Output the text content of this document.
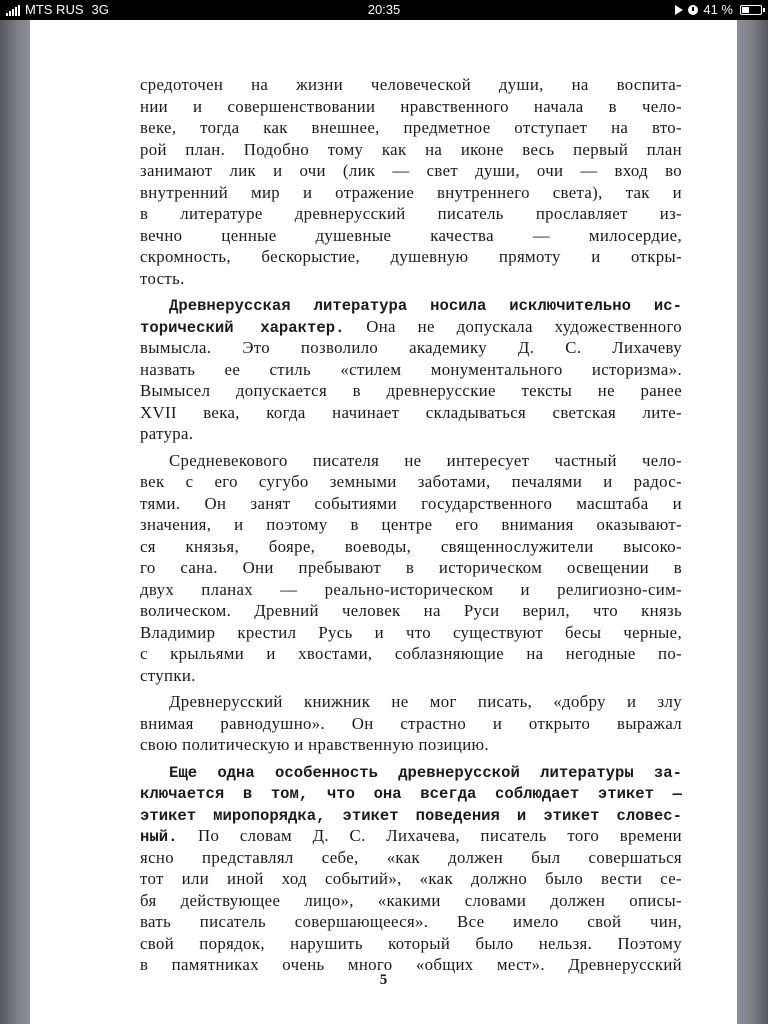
MTS RUS 3G	20:35	41 %
средоточен на жизни человеческой души, на воспита-
нии и совершенствовании нравственного начала в чело-
веке, тогда как внешнее, предметное отступает на вто-
рой план. Подобно тому как на иконе весь первый план
занимают лик и очи (лик — свет души, очи — вход во
внутренний мир и отражение внутреннего света), так и
в литературе древнерусский писатель прославляет из-
вечно ценные душевные качества — милосердие,
скромность, бескорыстие, душевную прямоту и откры-
тость.
Древнерусская литература носила исключительно ис-
торический характер. Она не допускала художественного
вымысла. Это позволило академику Д. С. Лихачеву
назвать ее стиль «стилем монументального историзма».
Вымысел допускается в древнерусские тексты не ранее
XVII века, когда начинает складываться светская лите-
ратура.
Средневекового писателя не интересует частный чело-
век с его сугубо земными заботами, печалями и радос-
тями. Он занят событиями государственного масштаба и
значения, и поэтому в центре его внимания оказывают-
ся князья, бояре, воеводы, священнослужители высоко-
го сана. Они пребывают в историческом освещении в
двух планах — реально-историческом и религиозно-сим-
волическом. Древний человек на Руси верил, что князь
Владимир крестил Русь и что существуют бесы черные,
с крыльями и хвостами, соблазняющие на негодные по-
ступки.
Древнерусский книжник не мог писать, «добру и злу
внимая равнодушно». Он страстно и открыто выражал
свою политическую и нравственную позицию.
Еще одна особенность древнерусской литературы за-
ключается в том, что она всегда соблюдает этикет —
этикет миропорядка, этикет поведения и этикет словес-
ный. По словам Д. С. Лихачева, писатель того времени
ясно представлял себе, «как должен был совершаться
тот или иной ход событий», «как должно было вести се-
бя действующее лицо», «какими словами должен описы-
вать писатель совершающееся». Все имело свой чин,
свой порядок, нарушить который было нельзя. Поэтому
в памятниках очень много «общих мест». Древнерусский
5
